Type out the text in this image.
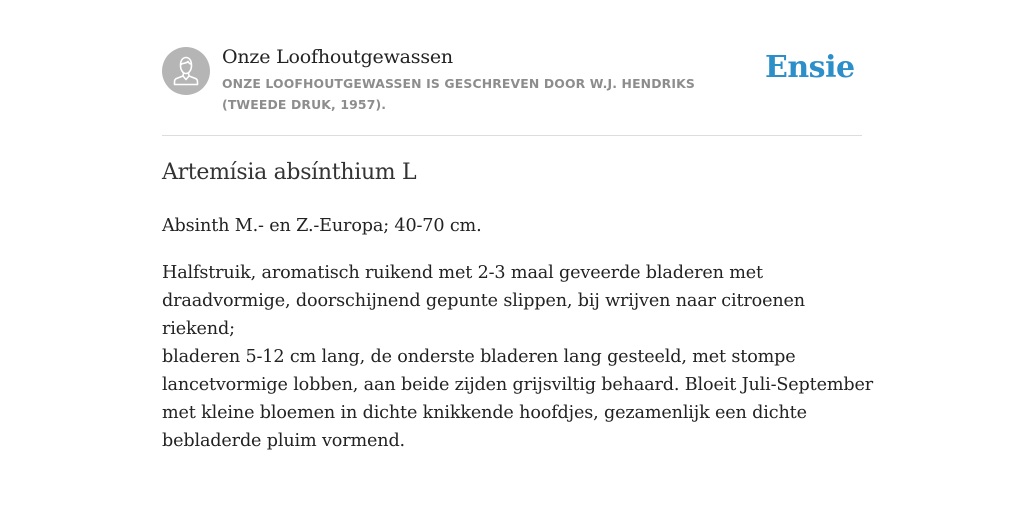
Onze Loofhoutgewassen
ONZE LOOFHOUTGEWASSEN IS GESCHREVEN DOOR W.J. HENDRIKS (TWEEDE DRUK, 1957).
Ensie
Artemísia absínthium L

Absinth M.- en Z.-Europa; 40-70 cm.

Halfstruik, aromatisch ruikend met 2-3 maal geveerde bladeren met draadvormige, doorschijnend gepunte slippen, bij wrijven naar citroenen riekend;

bladeren 5-12 cm lang, de onderste bladeren lang gesteeld, met stompe lancetvormige lobben, aan beide zijden grijsviltig behaard. Bloeit Juli-September met kleine bloemen in dichte knikkende hoofdjes, gezamenlijk een dichte bebladerde pluim vormend.
